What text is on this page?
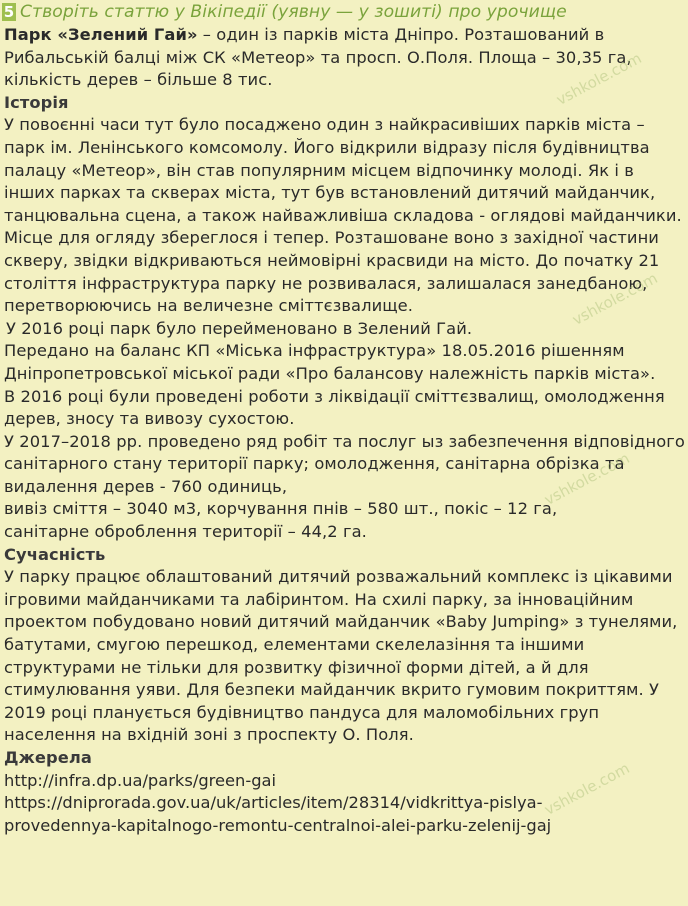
5 Створіть статтю у Вікіпедії (уявну — у зошиті) про урочище

Парк «Зелений Гай» – один із парків міста Дніпро. Розташований в Рибальській балці між СК «Метеор» та просп. О.Поля. Площа – 30,35 га, кількість дерев – більше 8 тис.

Історія

У повоєнні часи тут було посаджено один з найкрасивіших парків міста – парк ім. Ленінського комсомолу. Його відкрили відразу після будівництва палацу «Метеор», він став популярним місцем відпочинку молоді. Як і в інших парках та скверах міста, тут був встановлений дитячий майданчик, танцювальна сцена, а також найважливіша складова - оглядові майданчики. Місце для огляду збереглося і тепер. Розташоване воно з західної частини скверу, звідки відкриваються неймовірні красвиди на місто. До початку 21 століття інфраструктура парку не розвивалася, залишалася занедбаною, перетворюючись на величезне сміттєзвалище.

У 2016 році парк було перейменовано в Зелений Гай.

Передано на баланс КП «Міська інфраструктура» 18.05.2016 рішенням Дніпропетровської міської ради «Про балансову належність парків міста».

В 2016 році були проведені роботи з ліквідації сміттєзвалищ, омолодження дерев, зносу та вивозу сухостою.

У 2017–2018 рр. проведено ряд робіт та послуг ыз забезпечення відповідного санітарного стану території парку; омолодження, санітарна обрізка та видалення дерев - 760 одиниць,

вивіз сміття – 3040 м3, корчування пнів – 580 шт., покіс – 12 га,

санітарне оброблення території – 44,2 га.

Сучасність

У парку працює облаштований дитячий розважальний комплекс із цікавими ігровими майданчиками та лабіринтом. На схилі парку, за інноваційним проектом побудовано новий дитячий майданчик «Baby Jumping» з тунелями, батутами, смугою перешкод, елементами скелелазіння та іншими структурами не тільки для розвитку фізичної форми дітей, а й для стимулювання уяви. Для безпеки майданчик вкрито гумовим покриттям. У 2019 році планується будівництво пандуса для маломобільних груп населення на вхідній зоні з проспекту О. Поля.

Джерела

http://infra.dp.ua/parks/green-gai

https://dniprorada.gov.ua/uk/articles/item/28314/vidkrittya-pislya-

provedennya-kapitalnogo-remontu-centralnoi-alei-parku-zelenij-gaj

vshkole.com
vshkole.com
vshkole.com
vshkole.com
